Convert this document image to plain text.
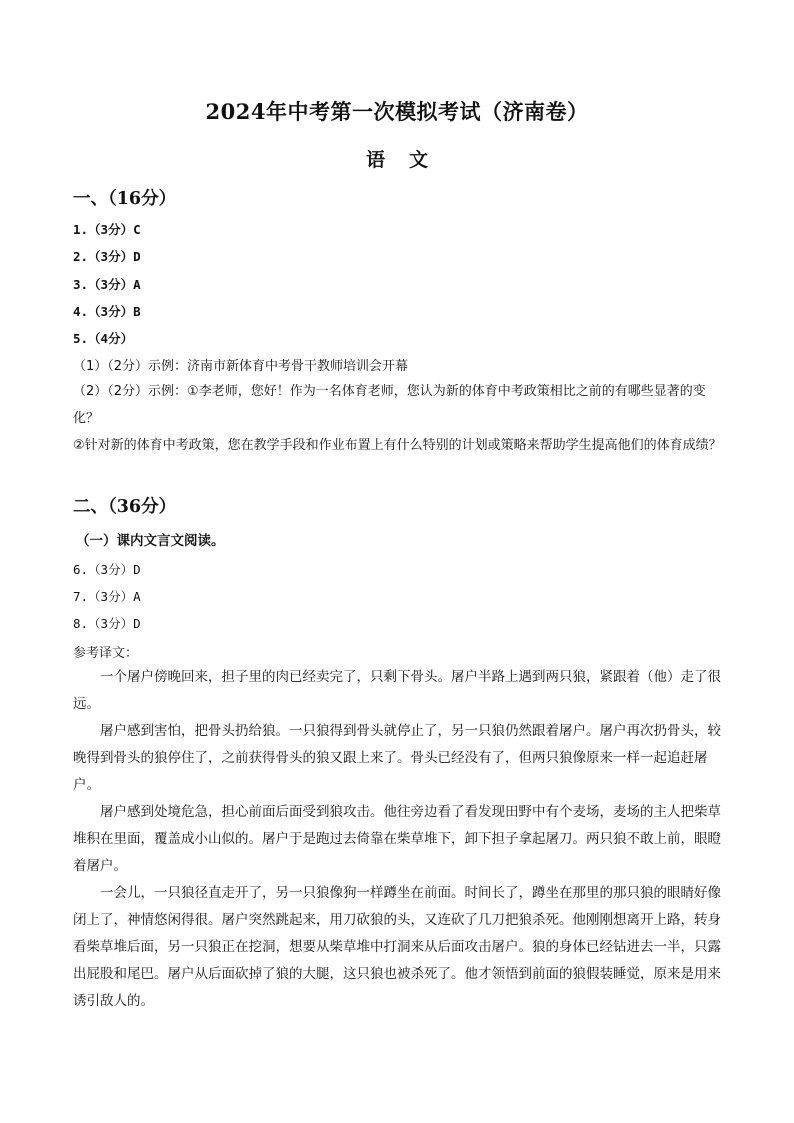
2024年中考第一次模拟考试（济南卷）
语文
一、（16分）
1.（3分）C
2.（3分）D
3.（3分）A
4.（3分）B
5.（4分）
（1）（2分）示例：济南市新体育中考骨干教师培训会开幕
（2）（2分）示例：①李老师，您好！作为一名体育老师，您认为新的体育中考政策相比之前的有哪些显著的变化？
②针对新的体育中考政策，您在教学手段和作业布置上有什么特别的计划或策略来帮助学生提高他们的体育成绩？
二、（36分）
（一）课内文言文阅读。
6.（3分）D
7.（3分）A
8.（3分）D
参考译文：
一个屠户傍晚回来，担子里的肉已经卖完了，只剩下骨头。屠户半路上遇到两只狼，紧跟着（他）走了很远。
屠户感到害怕，把骨头扔给狼。一只狼得到骨头就停止了，另一只狼仍然跟着屠户。屠户再次扔骨头，较晚得到骨头的狼停住了，之前获得骨头的狼又跟上来了。骨头已经没有了，但两只狼像原来一样一起追赶屠户。
屠户感到处境危急，担心前面后面受到狼攻击。他往旁边看了看发现田野中有个麦场，麦场的主人把柴草堆积在里面，覆盖成小山似的。屠户于是跑过去倚靠在柴草堆下，卸下担子拿起屠刀。两只狼不敢上前，眼瞪着屠户。
一会儿，一只狼径直走开了，另一只狼像狗一样蹲坐在前面。时间长了，蹲坐在那里的那只狼的眼睛好像闭上了，神情悠闲得很。屠户突然跳起来，用刀砍狼的头，又连砍了几刀把狼杀死。他刚刚想离开上路，转身看柴草堆后面，另一只狼正在挖洞，想要从柴草堆中打洞来从后面攻击屠户。狼的身体已经钻进去一半，只露出屁股和尾巴。屠户从后面砍掉了狼的大腿，这只狼也被杀死了。他才领悟到前面的狼假装睡觉，原来是用来诱引敌人的。
